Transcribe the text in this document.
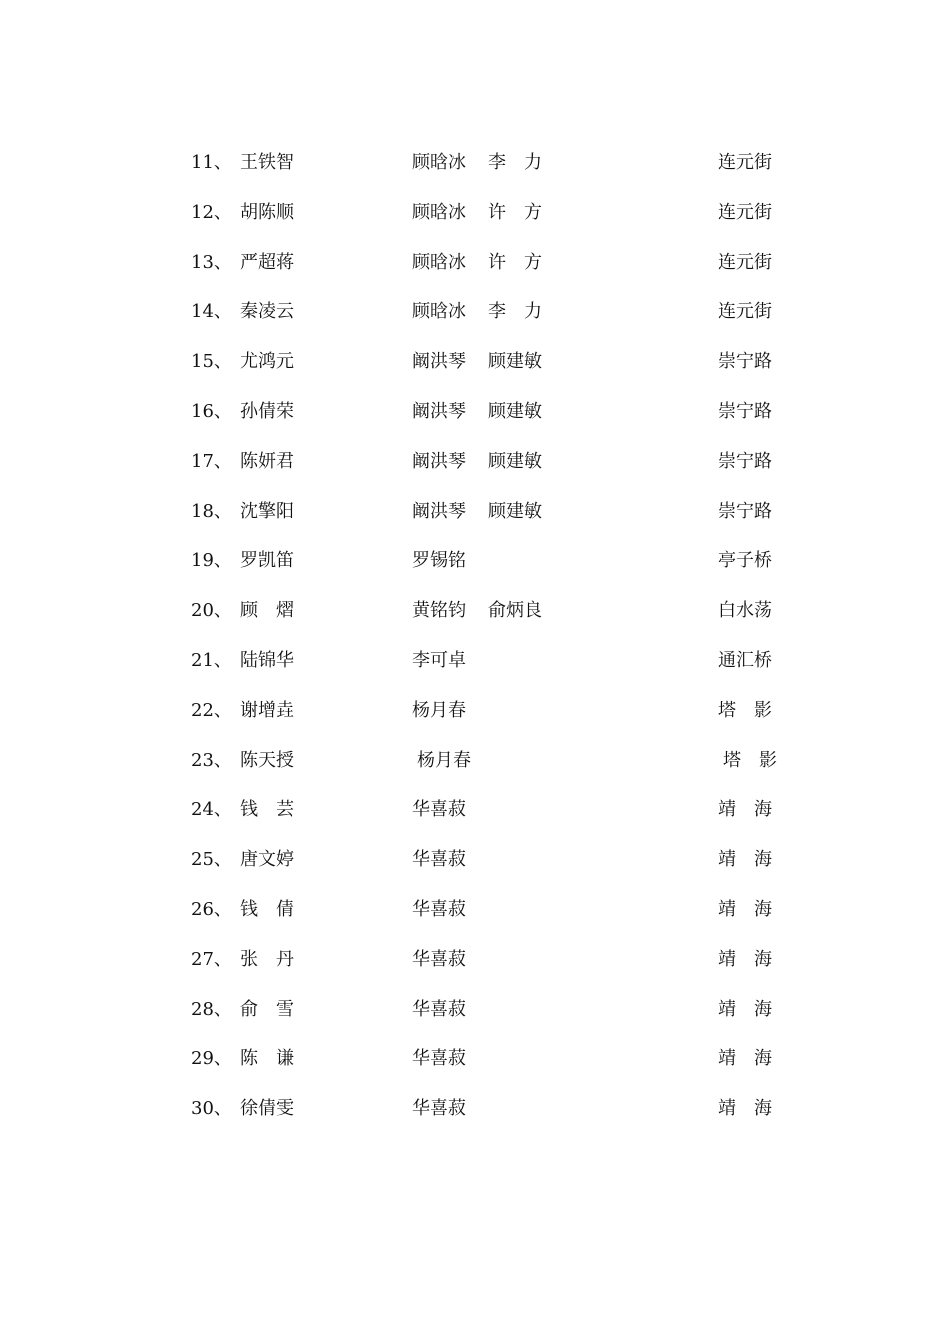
11、 王铁智	顾晗冰 李　力	连元街
12、 胡陈顺	顾晗冰 许　方	连元街
13、 严超蒋	顾晗冰 许　方	连元街
14、 秦凌云	顾晗冰 李　力	连元街
15、 尤鸿元	阚洪琴 顾建敏	崇宁路
16、 孙倩荣	阚洪琴 顾建敏	崇宁路
17、 陈妍君	阚洪琴 顾建敏	崇宁路
18、 沈擎阳	阚洪琴 顾建敏	崇宁路
19、 罗凯笛	罗锡铭	亭子桥
20、 顾　熠	黄铭钧 俞炳良	白水荡
21、 陆锦华	李可卓	通汇桥
22、 谢增垚	杨月春	塔　影
23、 陈天授	杨月春	塔　影
24、 钱　芸	华喜菽	靖　海
25、 唐文婷	华喜菽	靖　海
26、 钱　倩	华喜菽	靖　海
27、 张　丹	华喜菽	靖　海
28、 俞　雪	华喜菽	靖　海
29、 陈　谦	华喜菽	靖　海
30、 徐倩雯	华喜菽	靖　海
